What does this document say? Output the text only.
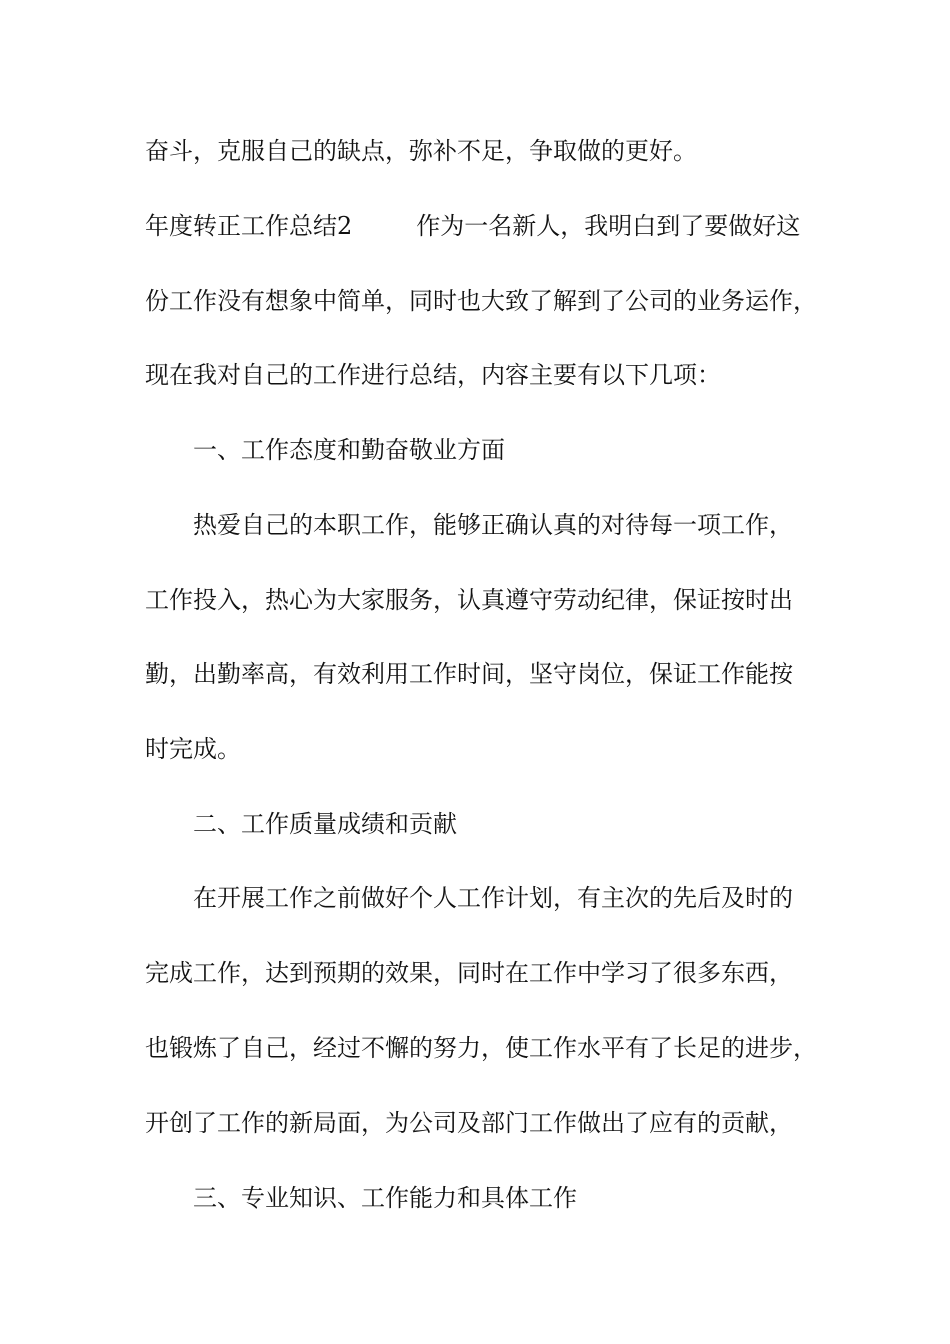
奋斗，克服自己的缺点，弥补不足，争取做的更好。
年度转正工作总结2	作为一名新人，我明白到了要做好这
份工作没有想象中简单，同时也大致了解到了公司的业务运作，
现在我对自己的工作进行总结，内容主要有以下几项：
一、工作态度和勤奋敬业方面
热爱自己的本职工作，能够正确认真的对待每一项工作，
工作投入，热心为大家服务，认真遵守劳动纪律，保证按时出
勤，出勤率高，有效利用工作时间，坚守岗位，保证工作能按
时完成。
二、工作质量成绩和贡献
在开展工作之前做好个人工作计划，有主次的先后及时的
完成工作，达到预期的效果，同时在工作中学习了很多东西，
也锻炼了自己，经过不懈的努力，使工作水平有了长足的进步，
开创了工作的新局面，为公司及部门工作做出了应有的贡献，
三、专业知识、工作能力和具体工作
